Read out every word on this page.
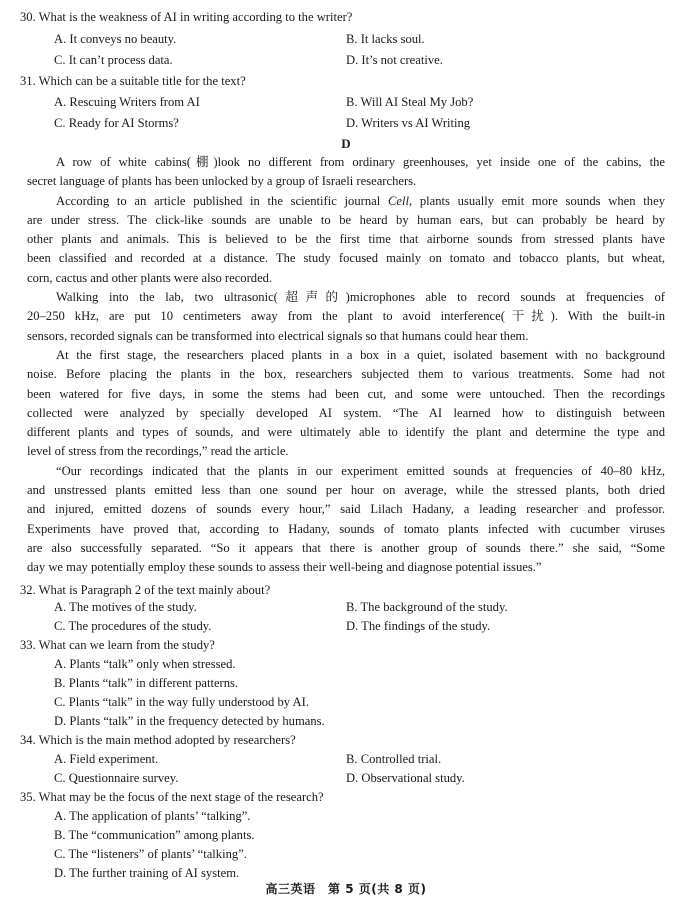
30. What is the weakness of AI in writing according to the writer?
A. It conveys no beauty.	B. It lacks soul.
C. It can’t process data.	D. It’s not creative.
31. Which can be a suitable title for the text?
A. Rescuing Writers from AI	B. Will AI Steal My Job?
C. Ready for AI Storms?	D. Writers vs AI Writing
D

A row of white cabins(棚)look no different from ordinary greenhouses, yet inside one of the cabins, the
secret language of plants has been unlocked by a group of Israeli researchers.

According to an article published in the scientific journal Cell, plants usually emit more sounds when they
are under stress. The click-like sounds are unable to be heard by human ears, but can probably be heard by
other plants and animals. This is believed to be the first time that airborne sounds from stressed plants have
been classified and recorded at a distance. The study focused mainly on tomato and tobacco plants, but wheat,
corn, cactus and other plants were also recorded.

Walking into the lab, two ultrasonic(超声的)microphones able to record sounds at frequencies of
20–250 kHz, are put 10 centimeters away from the plant to avoid interference(干扰). With the built-in
sensors, recorded signals can be transformed into electrical signals so that humans could hear them.

At the first stage, the researchers placed plants in a box in a quiet, isolated basement with no background
noise. Before placing the plants in the box, researchers subjected them to various treatments. Some had not
been watered for five days, in some the stems had been cut, and some were untouched. Then the recordings
collected were analyzed by specially developed AI system. “The AI learned how to distinguish between
different plants and types of sounds, and were ultimately able to identify the plant and determine the type and
level of stress from the recordings,” read the article.

“Our recordings indicated that the plants in our experiment emitted sounds at frequencies of 40–80 kHz,
and unstressed plants emitted less than one sound per hour on average, while the stressed plants, both dried
and injured, emitted dozens of sounds every hour,” said Lilach Hadany, a leading researcher and professor.
Experiments have proved that, according to Hadany, sounds of tomato plants infected with cucumber viruses
are also successfully separated. “So it appears that there is another group of sounds there.” she said, “Some
day we may potentially employ these sounds to assess their well-being and diagnose potential issues.”

32. What is Paragraph 2 of the text mainly about?
A. The motives of the study.	B. The background of the study.
C. The procedures of the study.	D. The findings of the study.
33. What can we learn from the study?
A. Plants “talk” only when stressed.
B. Plants “talk” in different patterns.
C. Plants “talk” in the way fully understood by AI.
D. Plants “talk” in the frequency detected by humans.
34. Which is the main method adopted by researchers?
A. Field experiment.	B. Controlled trial.
C. Questionnaire survey.	D. Observational study.
35. What may be the focus of the next stage of the research?
A. The application of plants’ “talking”.
B. The “communication” among plants.
C. The “listeners” of plants’ “talking”.
D. The further training of AI system.
高三英语　第 5 页(共 8 页)
